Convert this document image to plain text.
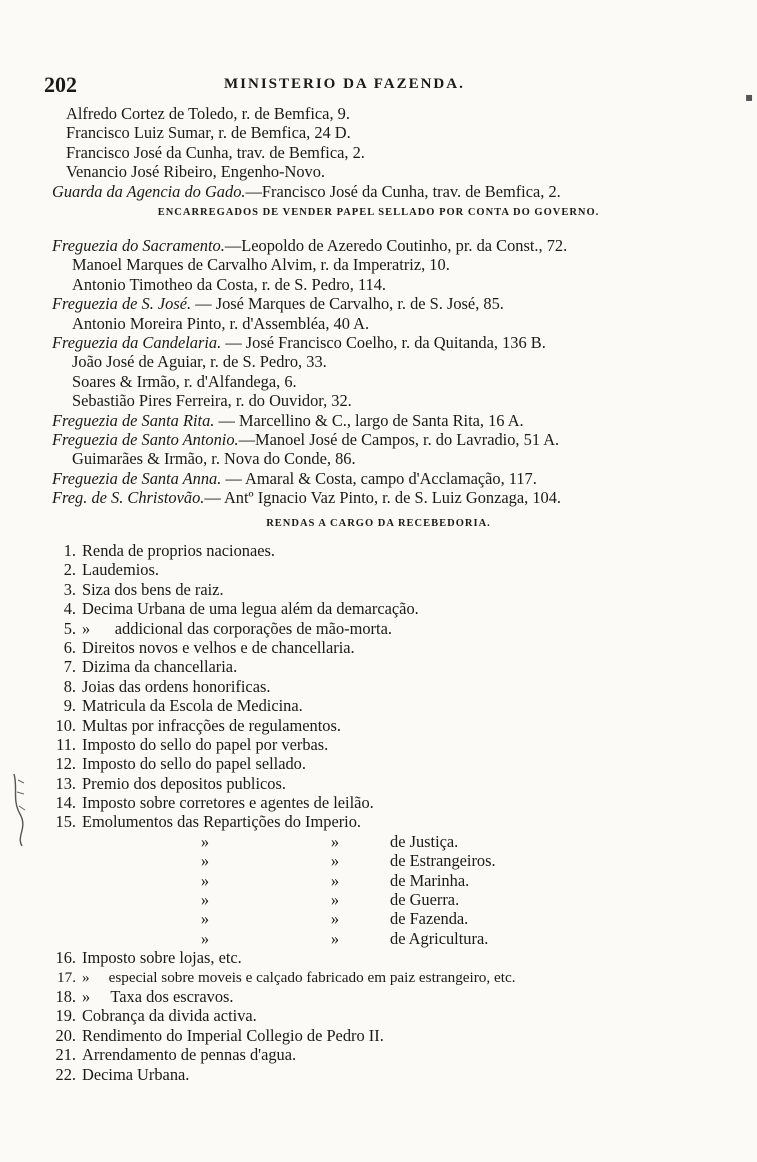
202	MINISTERIO DA FAZENDA.
Alfredo Cortez de Toledo, r. de Bemfica, 9.
Francisco Luiz Sumar, r. de Bemfica, 24 D.
Francisco José da Cunha, trav. de Bemfica, 2.
Venancio José Ribeiro, Engenho-Novo.
Guarda da Agencia do Gado.—Francisco José da Cunha, trav. de Bemfica, 2.
ENCARREGADOS DE VENDER PAPEL SELLADO POR CONTA DO GOVERNO.
Freguezia do Sacramento.—Leopoldo de Azeredo Coutinho, pr. da Const., 72.
Manoel Marques de Carvalho Alvim, r. da Imperatriz, 10.
Antonio Timotheo da Costa, r. de S. Pedro, 114.
Freguezia de S. José. — José Marques de Carvalho, r. de S. José, 85.
Antonio Moreira Pinto, r. d'Assembléa, 40 A.
Freguezia da Candelaria. — José Francisco Coelho, r. da Quitanda, 136 B.
João José de Aguiar, r. de S. Pedro, 33.
Soares & Irmão, r. d'Alfandega, 6.
Sebastião Pires Ferreira, r. do Ouvidor, 32.
Freguezia de Santa Rita. — Marcellino & C., largo de Santa Rita, 16 A.
Freguezia de Santo Antonio.—Manoel José de Campos, r. do Lavradio, 51 A.
Guimarães & Irmão, r. Nova do Conde, 86.
Freguezia de Santa Anna. — Amaral & Costa, campo d'Acclamação, 117.
Freg. de S. Christovão.— Antº Ignacio Vaz Pinto, r. de S. Luiz Gonzaga, 104.
RENDAS A CARGO DA RECEBEDORIA.
1. Renda de proprios nacionaes.
2. Laudemios.
3. Siza dos bens de raiz.
4. Decima Urbana de uma legua além da demarcação.
5. »      addicional das corporações de mão-morta.
6. Direitos novos e velhos e de chancellaria.
7. Dizima da chancellaria.
8. Joias das ordens honorificas.
9. Matricula da Escola de Medicina.
10. Multas por infracções de regulamentos.
11. Imposto do sello do papel por verbas.
12. Imposto do sello do papel sellado.
13. Premio dos depositos publicos.
14. Imposto sobre corretores e agentes de leilão.
15. Emolumentos das Repartições do Imperio.
»	»	de Justiça.
»	»	de Estrangeiros.
»	»	de Marinha.
»	»	de Guerra.
»	»	de Fazenda.
»	»	de Agricultura.
16. Imposto sobre lojas, etc.
17. »     especial sobre moveis e calçado fabricado em paiz estrangeiro, etc.
18. »     Taxa dos escravos.
19. Cobrança da divida activa.
20. Rendimento do Imperial Collegio de Pedro II.
21. Arrendamento de pennas d'agua.
22. Decima Urbana.
▪
